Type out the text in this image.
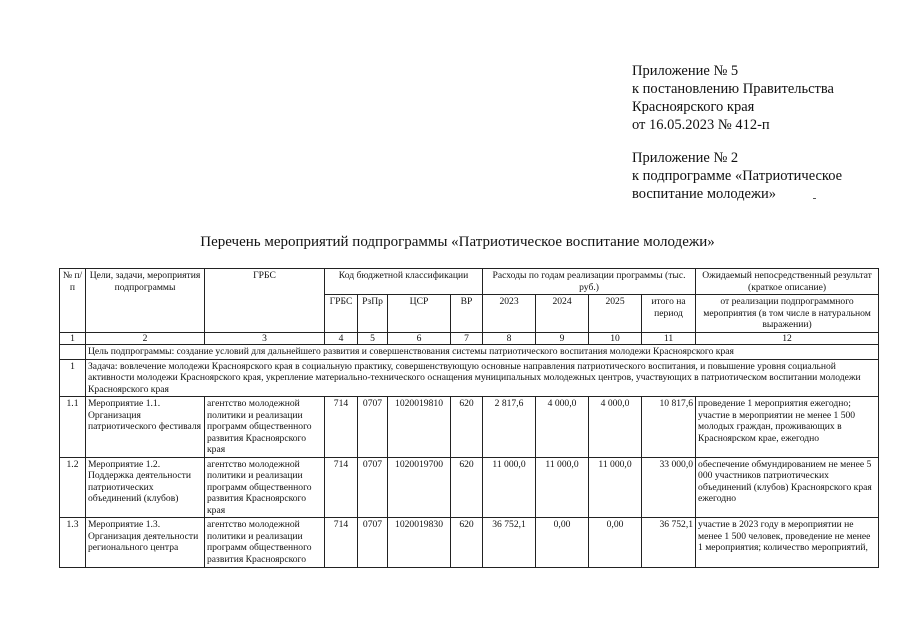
Приложение № 5
к постановлению Правительства
Красноярского края
от 16.05.2023 № 412-п
Приложение № 2
к подпрограмме «Патриотическое
воспитание молодежи»
Перечень мероприятий подпрограммы «Патриотическое воспитание молодежи»
№ п/п	Цели, задачи, мероприятия подпрограммы	ГРБС	Код бюджетной классификации				Расходы по годам реализации программы (тыс. руб.)				Ожидаемый непосредственный результат (краткое описание)
			ГРБС	РзПр	ЦСР	ВР	2023	2024	2025	итого на период	от реализации подпрограммного мероприятия (в том числе в натуральном выражении)
1	2	3	4	5	6	7	8	9	10	11	12
	Цель подпрограммы: создание условий для дальнейшего развития и совершенствования системы патриотического воспитания молодежи Красноярского края										
1	Задача: вовлечение молодежи Красноярского края в социальную практику, совершенствующую основные направления патриотического воспитания, и повышение уровня социальной активности молодежи Красноярского края, укрепление материально-технического оснащения муниципальных молодежных центров, участвующих в патриотическом воспитании молодежи Красноярского края										
1.1	Мероприятие 1.1. Организация патриотического фестиваля	агентство молодежной политики и реализации программ общественного развития Красноярского края	714	0707	1020019810	620	2 817,6	4 000,0	4 000,0	10 817,6	проведение 1 мероприятия ежегодно; участие в мероприятии не менее 1 500 молодых граждан, проживающих в Красноярском крае, ежегодно
1.2	Мероприятие 1.2. Поддержка деятельности патриотических объединений (клубов)	агентство молодежной политики и реализации программ общественного развития Красноярского края	714	0707	1020019700	620	11 000,0	11 000,0	11 000,0	33 000,0	обеспечение обмундированием не менее 5 000 участников патриотических объединений (клубов) Красноярского края ежегодно
1.3	Мероприятие 1.3. Организация деятельности регионального центра	агентство молодежной политики и реализации программ общественного развития Красноярского	714	0707	1020019830	620	36 752,1	0,00	0,00	36 752,1	участие в 2023 году в мероприятии не менее 1 500 человек, проведение не менее 1 мероприятия; количество мероприятий,
